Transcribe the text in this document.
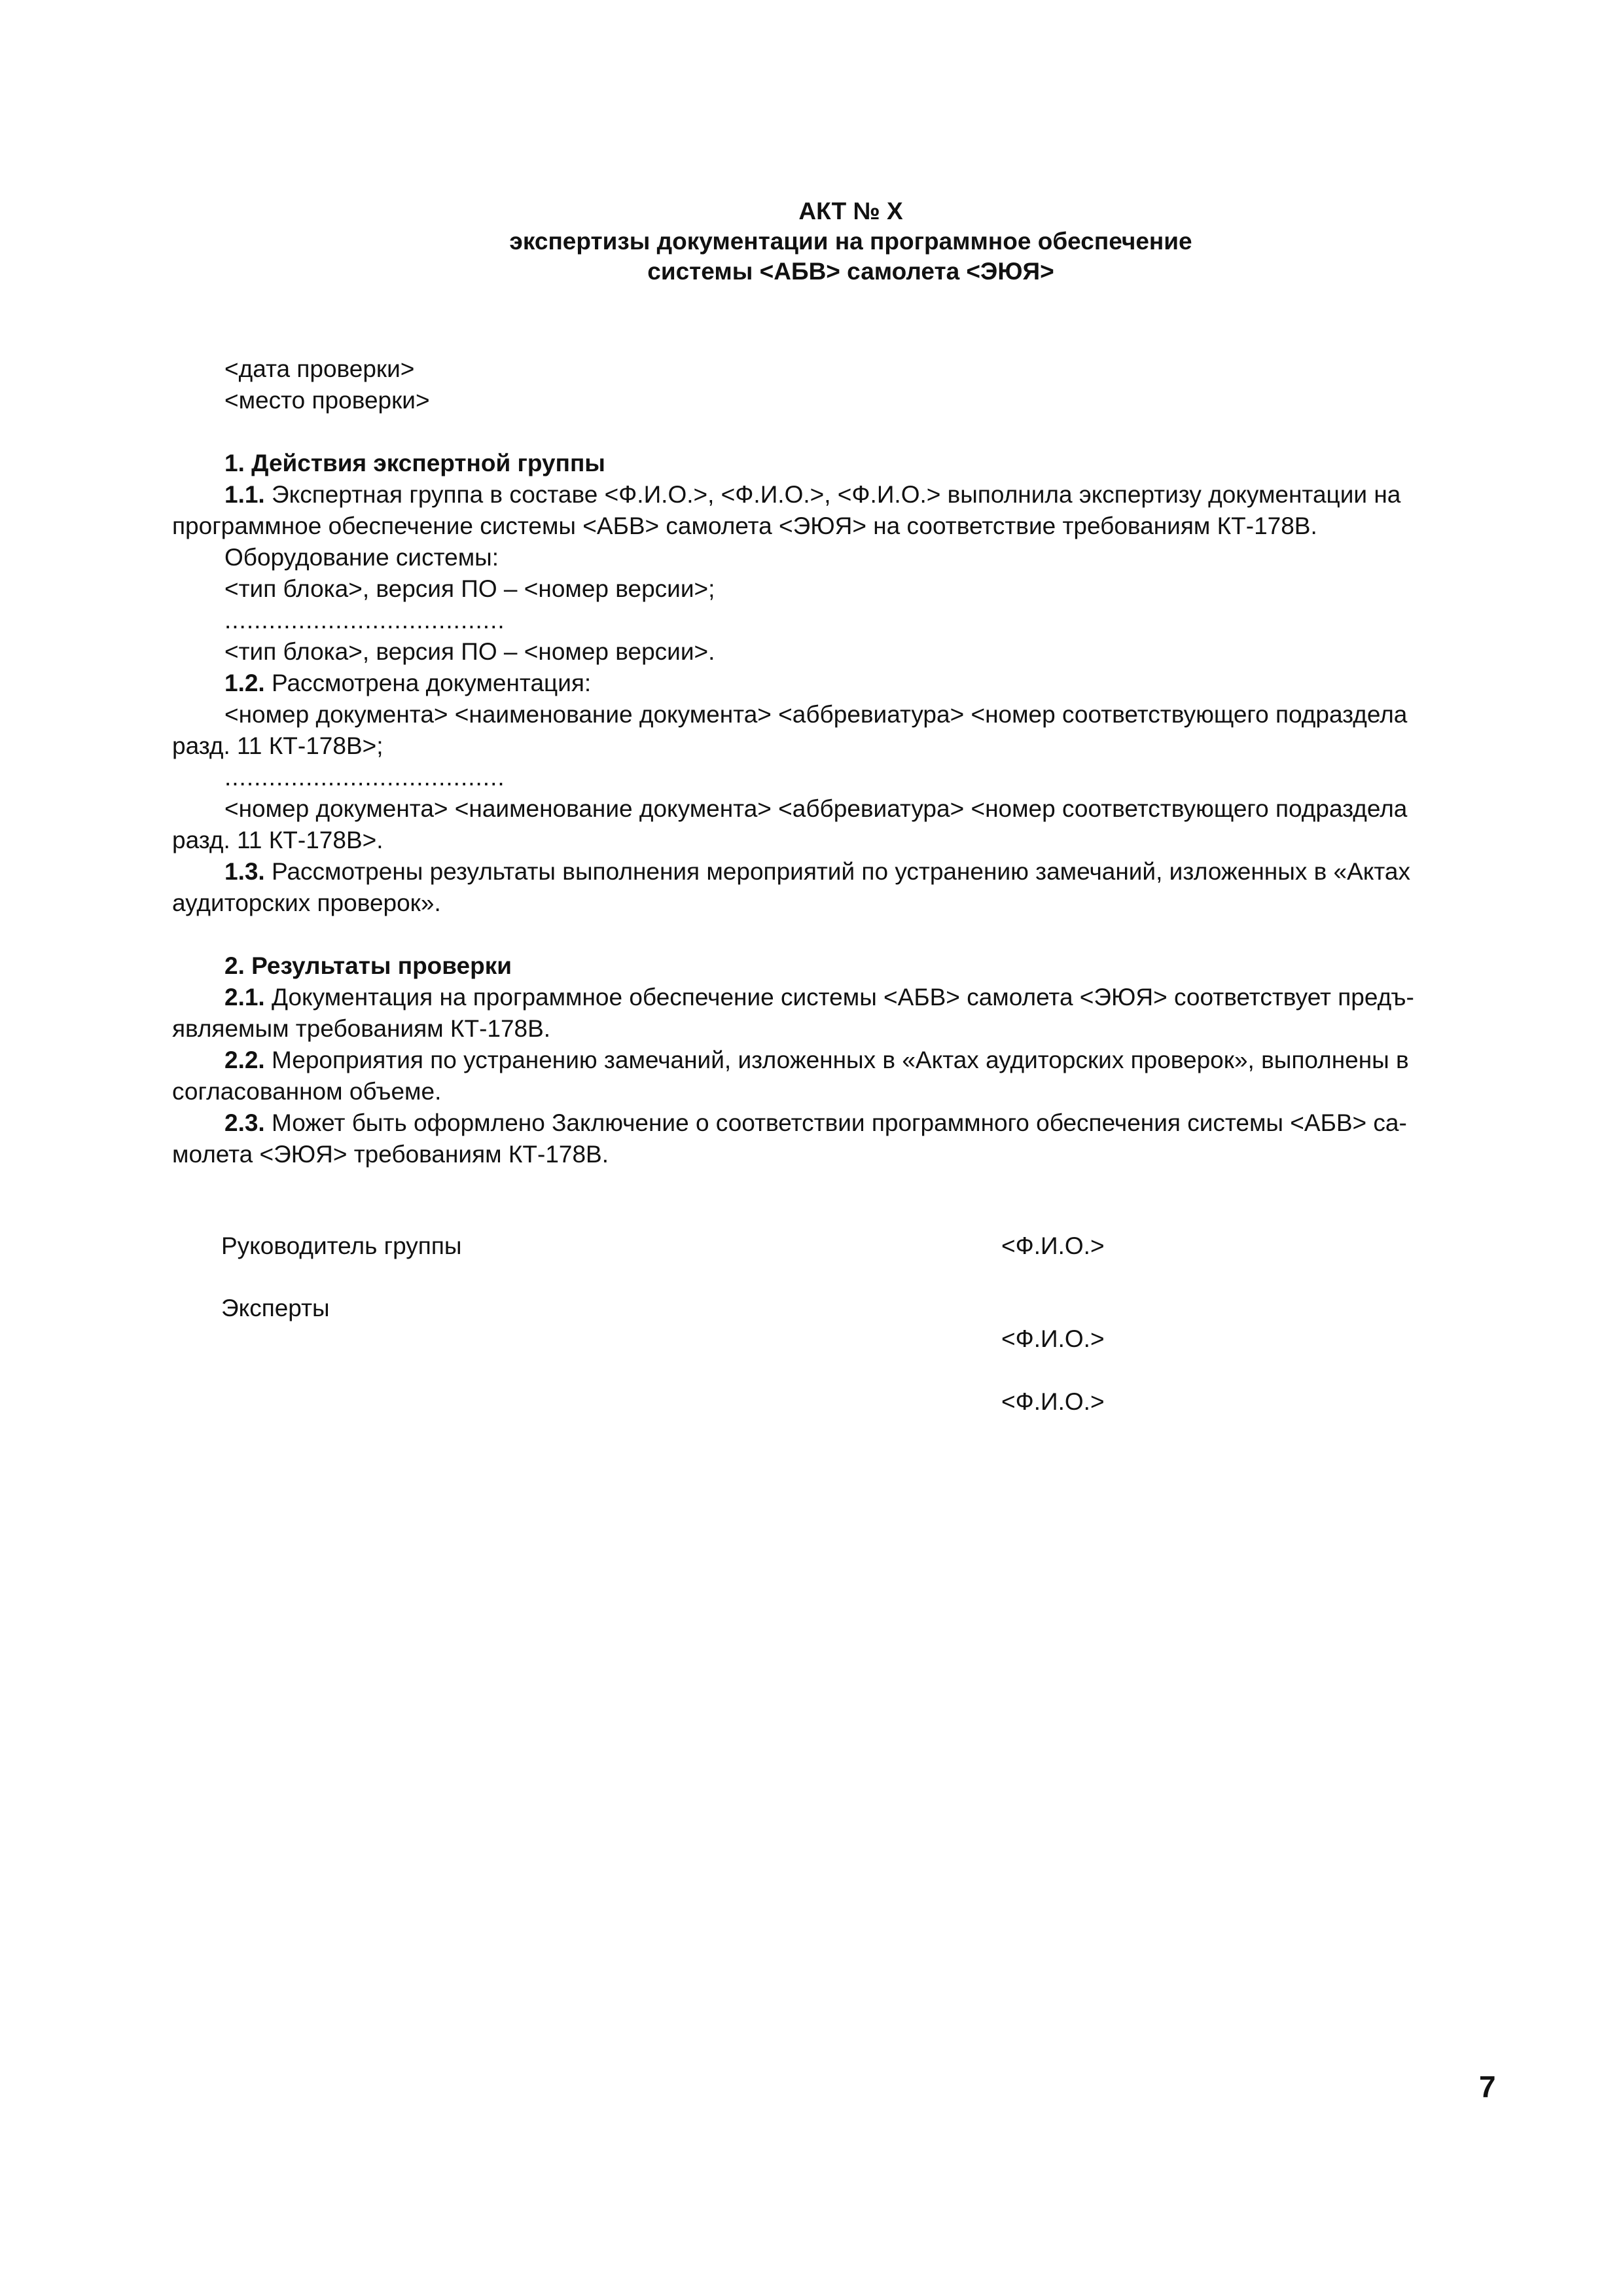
АКТ № Х
экспертизы документации на программное обеспечение
системы <АБВ> самолета <ЭЮЯ>
<дата проверки>
<место проверки>
1. Действия экспертной группы
1.1. Экспертная группа в составе <Ф.И.О.>, <Ф.И.О.>, <Ф.И.О.> выполнила экспертизу документации на
программное обеспечение системы <АБВ> самолета <ЭЮЯ> на соответствие требованиям КТ-178В.
Оборудование системы:
<тип блока>, версия ПО – <номер версии>;
......................................
<тип блока>, версия ПО – <номер версии>.
1.2. Рассмотрена документация:
<номер документа> <наименование документа> <аббревиатура> <номер соответствующего подраздела
разд. 11 КТ-178В>;
......................................
<номер документа> <наименование документа> <аббревиатура> <номер соответствующего подраздела
разд. 11 КТ-178В>.
1.3. Рассмотрены результаты выполнения мероприятий по устранению замечаний, изложенных в «Актах
аудиторских проверок».
2. Результаты проверки
2.1. Документация на программное обеспечение системы <АБВ> самолета <ЭЮЯ> соответствует предъ-
являемым требованиям КТ-178В.
2.2. Мероприятия по устранению замечаний, изложенных в «Актах аудиторских проверок», выполнены в
согласованном объеме.
2.3. Может быть оформлено Заключение о соответствии программного обеспечения системы <АБВ> са-
молета <ЭЮЯ> требованиям КТ-178В.
Руководитель группы	<Ф.И.О.>
Эксперты
<Ф.И.О.>
<Ф.И.О.>
7
